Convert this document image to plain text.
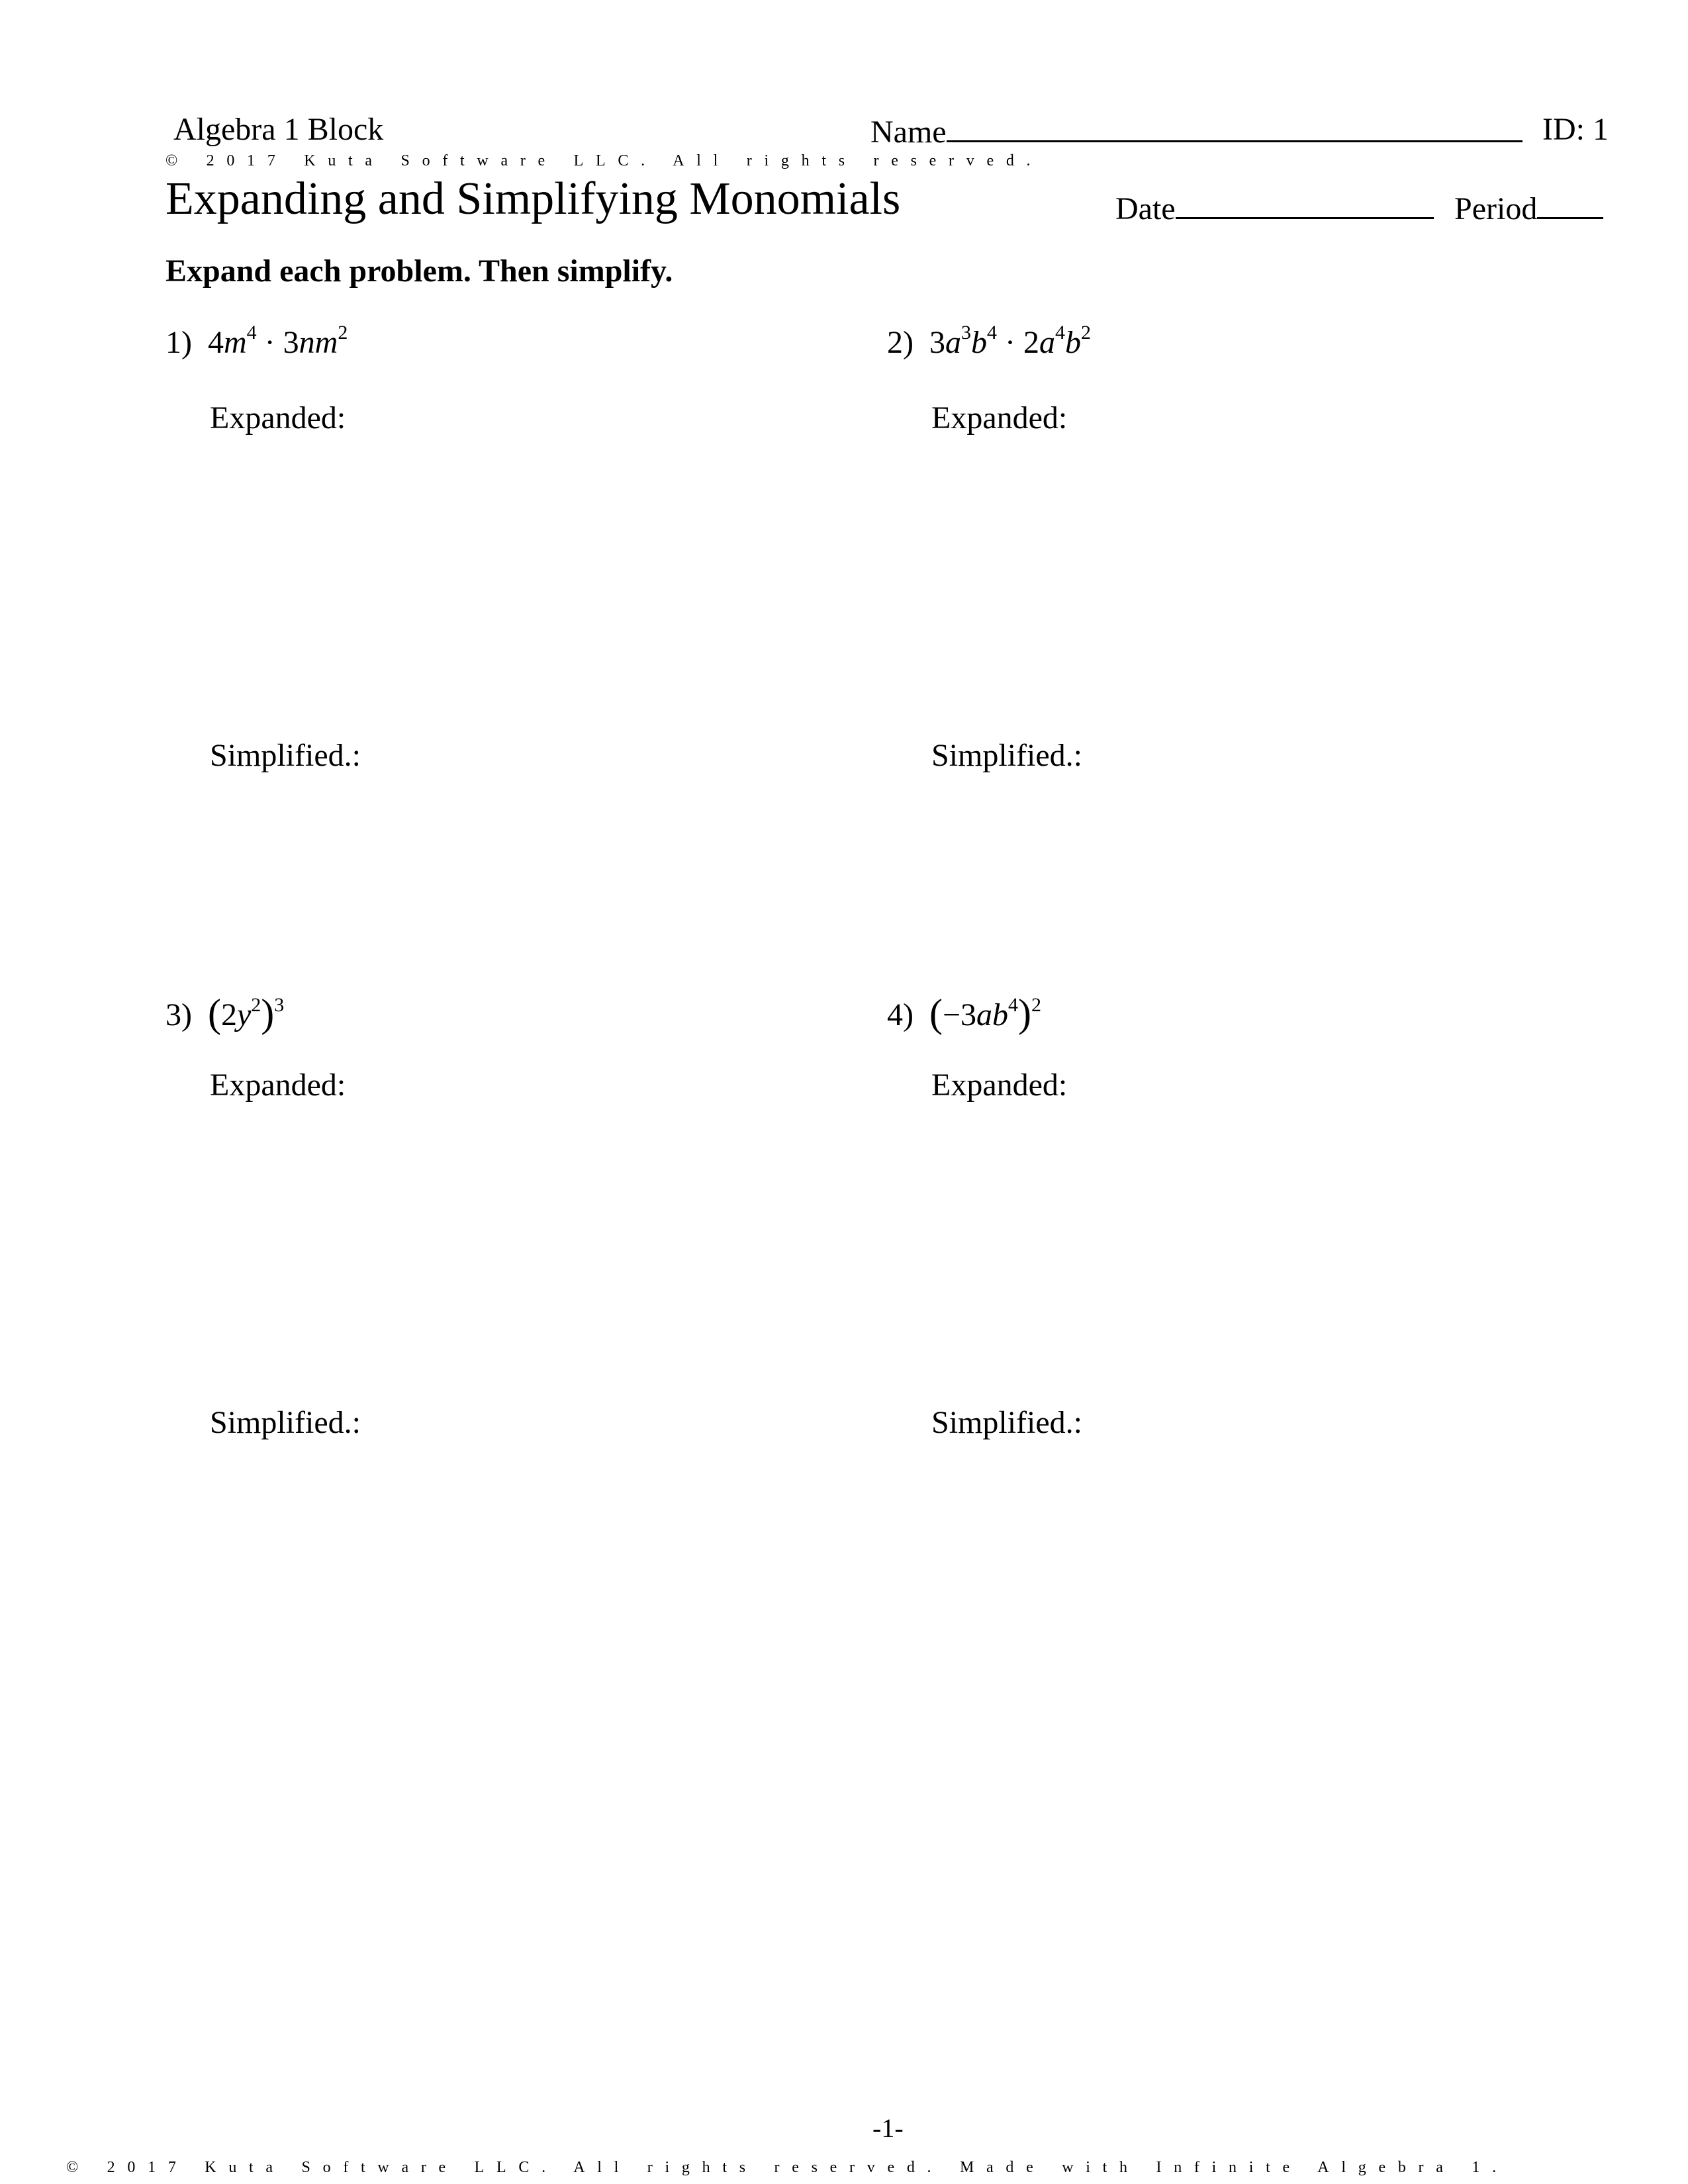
Algebra 1 Block	Name	ID: 1
© 2017 Kuta Software LLC. All rights reserved.
Expanding and Simplifying Monomials	Date	Period
Expand each problem. Then simplify.
1) $4m^4 \cdot 3nm^2$
Expanded:
Simplified.:
2) $3a^3b^4 \cdot 2a^4b^2$
Expanded:
Simplified.:
3) $(2y^2)^3$
Expanded:
Simplified.:
4) $(-3ab^4)^2$
Expanded:
Simplified.:
-1-
© 2017 Kuta Software LLC. All rights reserved. Made with Infinite Algebra 1.
